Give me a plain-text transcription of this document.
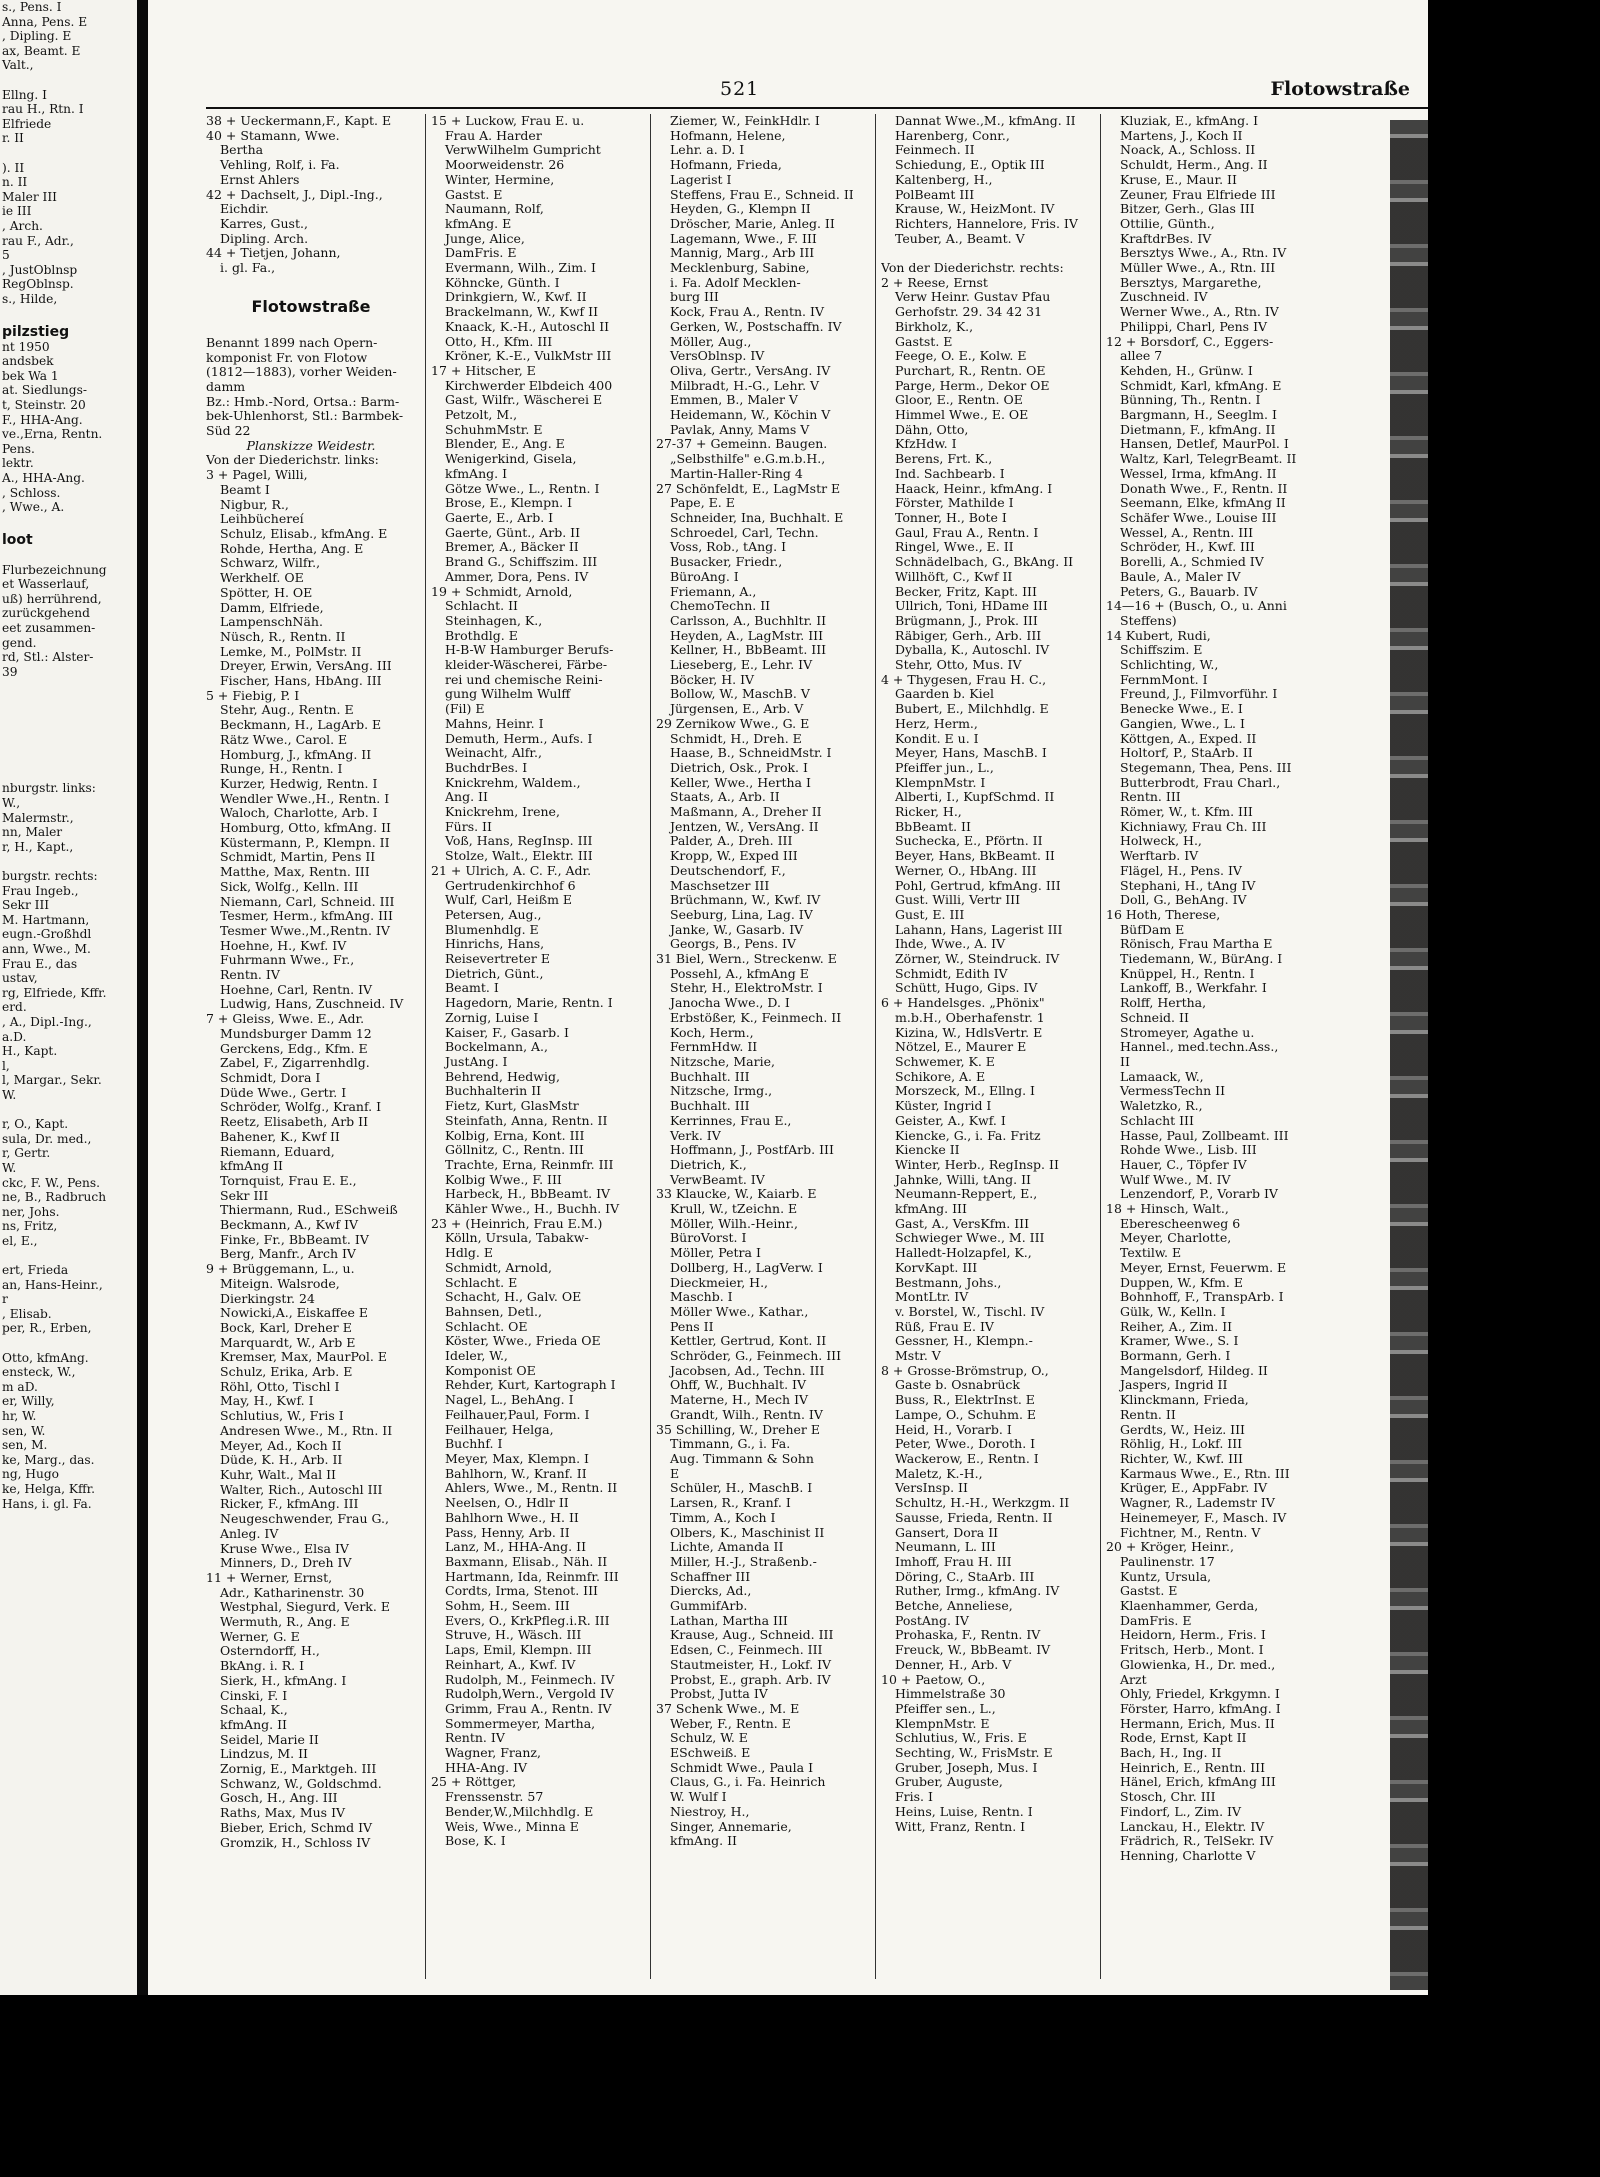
s., Pens. I
Anna, Pens. E
, Dipling. E
ax, Beamt. E
Valt.,

Ellng. I
rau H., Rtn. I
Elfriede
r. II

). II
n. II
Maler III
ie III
, Arch.
rau F., Adr.,
5
, JustOblnsp
RegOblnsp.
s., Hilde,

pilzstieg
nt 1950
andsbek
bek Wa 1
at. Siedlungs-
t, Steinstr. 20
F., HHA-Ang.
ve.,Erna, Rentn.
Pens.
lektr.
A., HHA-Ang.
, Schloss.
, Wwe., A.

loot

Flurbezeichnung
et Wasserlauf,
uß) herrührend,
zurückgehend
eet zusammen-
gend.
rd, Stl.: Alster-
39

nburgstr. links:
W.,
Malermstr.,
nn, Maler
r, H., Kapt.,

burgstr. rechts:
Frau Ingeb.,
Sekr III
M. Hartmann,
eugn.-Großhdl
ann, Wwe., M.
Frau E., das
ustav,
rg, Elfriede, Kffr.
erd.
, A., Dipl.-Ing.,
a.D.
H., Kapt.
l,
l, Margar., Sekr.
W.

r, O., Kapt.
sula, Dr. med.,
r, Gertr.
W.
ckc, F. W., Pens.
ne, B., Radbruch
ner, Johs.
ns, Fritz,
el, E.,

ert, Frieda
an, Hans-Heinr.,
r
, Elisab.
per, R., Erben,

Otto, kfmAng.
ensteck, W.,
m aD.
er, Willy,
hr, W.
sen, W.
sen, M.
ke, Marg., das.
ng, Hugo
ke, Helga, Kffr.
Hans, i. gl. Fa.
521	Flotowstraße
38 + Ueckermann,F., Kapt. E
40 + Stamann, Wwe.
Bertha
Vehling, Rolf, i. Fa.
Ernst Ahlers
42 + Dachselt, J., Dipl.-Ing.,
Eichdir.
Karres, Gust.,
Dipling. Arch.
44 + Tietjen, Johann,
i. gl. Fa.,

Flotowstraße

Benannt 1899 nach Opern-
komponist Fr. von Flotow
(1812—1883), vorher Weiden-
damm
Bz.: Hmb.-Nord, Ortsa.: Barm-
bek-Uhlenhorst, Stl.: Barmbek-
Süd 22
Planskizze Weidestr.
Von der Diederichstr. links:
3 + Pagel, Willi,
Beamt I
Nigbur, R.,
Leihbüchereí
Schulz, Elisab., kfmAng. E
Rohde, Hertha, Ang. E
Schwarz, Wilfr.,
Werkhelf. OE
Spötter, H. OE
Damm, Elfriede,
LampenschNäh.
Nüsch, R., Rentn. II
Lemke, M., PolMstr. II
Dreyer, Erwin, VersAng. III
Fischer, Hans, HbAng. III
5 + Fiebig, P. I
Stehr, Aug., Rentn. E
Beckmann, H., LagArb. E
Rätz Wwe., Carol. E
Homburg, J., kfmAng. II
Runge, H., Rentn. I
Kurzer, Hedwig, Rentn. I
Wendler Wwe.,H., Rentn. I
Waloch, Charlotte, Arb. I
Homburg, Otto, kfmAng. II
Küstermann, P., Klempn. II
Schmidt, Martin, Pens II
Matthe, Max, Rentn. III
Sick, Wolfg., Kelln. III
Niemann, Carl, Schneid. III
Tesmer, Herm., kfmAng. III
Tesmer Wwe.,M.,Rentn. IV
Hoehne, H., Kwf. IV
Fuhrmann Wwe., Fr.,
Rentn. IV
Hoehne, Carl, Rentn. IV
Ludwig, Hans, Zuschneid. IV
7 + Gleiss, Wwe. E., Adr.
Mundsburger Damm 12
Gerckens, Edg., Kfm. E
Zabel, F., Zigarrenhdlg.
Schmidt, Dora I
Düde Wwe., Gertr. I
Schröder, Wolfg., Kranf. I
Reetz, Elisabeth, Arb II
Bahener, K., Kwf II
Riemann, Eduard,
kfmAng II
Tornquist, Frau E. E.,
Sekr III
Thiermann, Rud., ESchweiß
Beckmann, A., Kwf IV
Finke, Fr., BbBeamt. IV
Berg, Manfr., Arch IV
9 + Brüggemann, L., u.
Miteign. Walsrode,
Dierkingstr. 24
Nowicki,A., Eiskaffee E
Bock, Karl, Dreher E
Marquardt, W., Arb E
Kremser, Max, MaurPol. E
Schulz, Erika, Arb. E
Röhl, Otto, Tischl I
May, H., Kwf. I
Schlutius, W., Fris I
Andresen Wwe., M., Rtn. II
Meyer, Ad., Koch II
Düde, K. H., Arb. II
Kuhr, Walt., Mal II
Walter, Rich., Autoschl III
Ricker, F., kfmAng. III
Neugeschwender, Frau G.,
Anleg. IV
Kruse Wwe., Elsa IV
Minners, D., Dreh IV
11 + Werner, Ernst,
Adr., Katharinenstr. 30
Westphal, Siegurd, Verk. E
Wermuth, R., Ang. E
Werner, G. E
Osterndorff, H.,
BkAng. i. R. I
Sierk, H., kfmAng. I
Cinski, F. I
Schaal, K.,
kfmAng. II
Seidel, Marie II
Lindzus, M. II
Zornig, E., Marktgeh. III
Schwanz, W., Goldschmd.
Gosch, H., Ang. III
Raths, Max, Mus IV
Bieber, Erich, Schmd IV
Gromzik, H., Schloss IV
15 + Luckow, Frau E. u.
Frau A. Harder
VerwWilhelm Gumpricht
Moorweidenstr. 26
Winter, Hermine,
Gastst. E
Naumann, Rolf,
kfmAng. E
Junge, Alice,
DamFris. E
Evermann, Wilh., Zim. I
Köhncke, Günth. I
Drinkgiern, W., Kwf. II
Brackelmann, W., Kwf II
Knaack, K.-H., Autoschl II
Otto, H., Kfm. III
Kröner, K.-E., VulkMstr III
17 + Hitscher, E
Kirchwerder Elbdeich 400
Gast, Wilfr., Wäscherei E
Petzolt, M.,
SchuhmMstr. E
Blender, E., Ang. E
Wenigerkind, Gisela,
kfmAng. I
Götze Wwe., L., Rentn. I
Brose, E., Klempn. I
Gaerte, E., Arb. I
Gaerte, Günt., Arb. II
Bremer, A., Bäcker II
Brand G., Schiffszim. III
Ammer, Dora, Pens. IV
19 + Schmidt, Arnold,
Schlacht. II
Steinhagen, K.,
Brothdlg. E
H-B-W Hamburger Berufs-
kleider-Wäscherei, Färbe-
rei und chemische Reini-
gung Wilhelm Wulff
(Fil) E
Mahns, Heinr. I
Demuth, Herm., Aufs. I
Weinacht, Alfr.,
BuchdrBes. I
Knickrehm, Waldem.,
Ang. II
Knickrehm, Irene,
Fürs. II
Voß, Hans, RegInsp. III
Stolze, Walt., Elektr. III
21 + Ulrich, A. C. F., Adr.
Gertrudenkirchhof 6
Wulf, Carl, Heißm E
Petersen, Aug.,
Blumenhdlg. E
Hinrichs, Hans,
Reisevertreter E
Dietrich, Günt.,
Beamt. I
Hagedorn, Marie, Rentn. I
Zornig, Luise I
Kaiser, F., Gasarb. I
Bockelmann, A.,
JustAng. I
Behrend, Hedwig,
Buchhalterin II
Fietz, Kurt, GlasMstr
Steinfath, Anna, Rentn. II
Kolbig, Erna, Kont. III
Göllnitz, C., Rentn. III
Trachte, Erna, Reinmfr. III
Kolbig Wwe., F. III
Harbeck, H., BbBeamt. IV
Kähler Wwe., H., Buchh. IV
23 + (Heinrich, Frau E.M.)
Kölln, Ursula, Tabakw-
Hdlg. E
Schmidt, Arnold,
Schlacht. E
Schacht, H., Galv. OE
Bahnsen, Detl.,
Schlacht. OE
Köster, Wwe., Frieda OE
Ideler, W.,
Komponist OE
Rehder, Kurt, Kartograph I
Nagel, L., BehAng. I
Feilhauer,Paul, Form. I
Feilhauer, Helga,
Buchhf. I
Meyer, Max, Klempn. I
Bahlhorn, W., Kranf. II
Ahlers, Wwe., M., Rentn. II
Neelsen, O., Hdlr II
Bahlhorn Wwe., H. II
Pass, Henny, Arb. II
Lanz, M., HHA-Ang. II
Baxmann, Elisab., Näh. II
Hartmann, Ida, Reinmfr. III
Cordts, Irma, Stenot. III
Sohm, H., Seem. III
Evers, O., KrkPfleg.i.R. III
Struve, H., Wäsch. III
Laps, Emil, Klempn. III
Reinhart, A., Kwf. IV
Rudolph, M., Feinmech. IV
Rudolph,Wern., Vergold IV
Grimm, Frau A., Rentn. IV
Sommermeyer, Martha,
Rentn. IV
Wagner, Franz,
HHA-Ang. IV
25 + Röttger,
Frenssenstr. 57
Bender,W.,Milchhdlg. E
Weis, Wwe., Minna E
Bose, K. I
Ziemer, W., FeinkHdlr. I
Hofmann, Helene,
Lehr. a. D. I
Hofmann, Frieda,
Lagerist I
Steffens, Frau E., Schneid. II
Heyden, G., Klempn II
Dröscher, Marie, Anleg. II
Lagemann, Wwe., F. III
Mannig, Marg., Arb III
Mecklenburg, Sabine,
i. Fa. Adolf Mecklen-
burg III
Kock, Frau A., Rentn. IV
Gerken, W., Postschaffn. IV
Möller, Aug.,
VersOblnsp. IV
Oliva, Gertr., VersAng. IV
Milbradt, H.-G., Lehr. V
Emmen, B., Maler V
Heidemann, W., Köchin V
Pavlak, Anny, Mams V
27-37 + Gemeinn. Baugen.
„Selbsthilfe" e.G.m.b.H.,
Martin-Haller-Ring 4
27 Schönfeldt, E., LagMstr E
Pape, E. E
Schneider, Ina, Buchhalt. E
Schroedel, Carl, Techn.
Voss, Rob., tAng. I
Busacker, Friedr.,
BüroAng. I
Friemann, A.,
ChemoTechn. II
Carlsson, A., Buchhltr. II
Heyden, A., LagMstr. III
Kellner, H., BbBeamt. III
Lieseberg, E., Lehr. IV
Böcker, H. IV
Bollow, W., MaschB. V
Jürgensen, E., Arb. V
29 Zernikow Wwe., G. E
Schmidt, H., Dreh. E
Haase, B., SchneidMstr. I
Dietrich, Osk., Prok. I
Keller, Wwe., Hertha I
Staats, A., Arb. II
Maßmann, A., Dreher II
Jentzen, W., VersAng. II
Palder, A., Dreh. III
Kropp, W., Exped III
Deutschendorf, F.,
Maschsetzer III
Brüchmann, W., Kwf. IV
Seeburg, Lina, Lag. IV
Janke, W., Gasarb. IV
Georgs, B., Pens. IV
31 Biel, Wern., Streckenw. E
Possehl, A., kfmAng E
Stehr, H., ElektroMstr. I
Janocha Wwe., D. I
Erbstößer, K., Feinmech. II
Koch, Herm.,
FernmHdw. II
Nitzsche, Marie,
Buchhalt. III
Nitzsche, Irmg.,
Buchhalt. III
Kerrinnes, Frau E.,
Verk. IV
Hoffmann, J., PostfArb. III
Dietrich, K.,
VerwBeamt. IV
33 Klaucke, W., Kaiarb. E
Krull, W., tZeichn. E
Möller, Wilh.-Heinr.,
BüroVorst. I
Möller, Petra I
Dollberg, H., LagVerw. I
Dieckmeier, H.,
Maschb. I
Möller Wwe., Kathar.,
Pens II
Kettler, Gertrud, Kont. II
Schröder, G., Feinmech. III
Jacobsen, Ad., Techn. III
Ohff, W., Buchhalt. IV
Materne, H., Mech IV
Grandt, Wilh., Rentn. IV
35 Schilling, W., Dreher E
Timmann, G., i. Fa.
Aug. Timmann & Sohn
E
Schüler, H., MaschB. I
Larsen, R., Kranf. I
Timm, A., Koch I
Olbers, K., Maschinist II
Lichte, Amanda II
Miller, H.-J., Straßenb.-
Schaffner III
Diercks, Ad.,
GummifArb.
Lathan, Martha III
Krause, Aug., Schneid. III
Edsen, C., Feinmech. III
Stautmeister, H., Lokf. IV
Probst, E., graph. Arb. IV
Probst, Jutta IV
37 Schenk Wwe., M. E
Weber, F., Rentn. E
Schulz, W. E
ESchweiß. E
Schmidt Wwe., Paula I
Claus, G., i. Fa. Heinrich
W. Wulf I
Niestroy, H.,
Singer, Annemarie,
kfmAng. II
Dannat Wwe.,M., kfmAng. II
Harenberg, Conr.,
Feinmech. II
Schiedung, E., Optik III
Kaltenberg, H.,
PolBeamt III
Krause, W., HeizMont. IV
Richters, Hannelore, Fris. IV
Teuber, A., Beamt. V

Von der Diederichstr. rechts:
2 + Reese, Ernst
Verw Heinr. Gustav Pfau
Gerhofstr. 29. 34 42 31
Birkholz, K.,
Gastst. E
Feege, O. E., Kolw. E
Purchart, R., Rentn. OE
Parge, Herm., Dekor OE
Gloor, E., Rentn. OE
Himmel Wwe., E. OE
Dähn, Otto,
KfzHdw. I
Berens, Frt. K.,
Ind. Sachbearb. I
Haack, Heinr., kfmAng. I
Förster, Mathilde I
Tonner, H., Bote I
Gaul, Frau A., Rentn. I
Ringel, Wwe., E. II
Schnädelbach, G., BkAng. II
Willhöft, C., Kwf II
Becker, Fritz, Kapt. III
Ullrich, Toni, HDame III
Brügmann, J., Prok. III
Räbiger, Gerh., Arb. III
Dyballa, K., Autoschl. IV
Stehr, Otto, Mus. IV
4 + Thygesen, Frau H. C.,
Gaarden b. Kiel
Bubert, E., Milchhdlg. E
Herz, Herm.,
Kondit. E u. I
Meyer, Hans, MaschB. I
Pfeiffer jun., L.,
KlempnMstr. I
Alberti, I., KupfSchmd. II
Ricker, H.,
BbBeamt. II
Suchecka, E., Pförtn. II
Beyer, Hans, BkBeamt. II
Werner, O., HbAng. III
Pohl, Gertrud, kfmAng. III
Gust. Willi, Vertr III
Gust, E. III
Lahann, Hans, Lagerist III
Ihde, Wwe., A. IV
Zörner, W., Steindruck. IV
Schmidt, Edith IV
Schütt, Hugo, Gips. IV
6 + Handelsges. „Phönix"
m.b.H., Oberhafenstr. 1
Kizina, W., HdlsVertr. E
Nötzel, E., Maurer E
Schwemer, K. E
Schikore, A. E
Morszeck, M., Ellng. I
Küster, Ingrid I
Geister, A., Kwf. I
Kiencke, G., i. Fa. Fritz
Kiencke II
Winter, Herb., RegInsp. II
Jahnke, Willi, tAng. II
Neumann-Reppert, E.,
kfmAng. III
Gast, A., VersKfm. III
Schwieger Wwe., M. III
Halledt-Holzapfel, K.,
KorvKapt. III
Bestmann, Johs.,
MontLtr. IV
v. Borstel, W., Tischl. IV
Rüß, Frau E. IV
Gessner, H., Klempn.-
Mstr. V
8 + Grosse-Brömstrup, O.,
Gaste b. Osnabrück
Buss, R., ElektrInst. E
Lampe, O., Schuhm. E
Heid, H., Vorarb. I
Peter, Wwe., Doroth. I
Wackerow, E., Rentn. I
Maletz, K.-H.,
VersInsp. II
Schultz, H.-H., Werkzgm. II
Sausse, Frieda, Rentn. II
Gansert, Dora II
Neumann, L. III
Imhoff, Frau H. III
Döring, C., StaArb. III
Ruther, Irmg., kfmAng. IV
Betche, Anneliese,
PostAng. IV
Prohaska, F., Rentn. IV
Freuck, W., BbBeamt. IV
Denner, H., Arb. V
10 + Paetow, O.,
Himmelstraße 30
Pfeiffer sen., L.,
KlempnMstr. E
Schlutius, W., Fris. E
Sechting, W., FrisMstr. E
Gruber, Joseph, Mus. I
Gruber, Auguste,
Fris. I
Heins, Luise, Rentn. I
Witt, Franz, Rentn. I
Kluziak, E., kfmAng. I
Martens, J., Koch II
Noack, A., Schloss. II
Schuldt, Herm., Ang. II
Kruse, E., Maur. II
Zeuner, Frau Elfriede III
Bitzer, Gerh., Glas III
Ottilie, Günth.,
KraftdrBes. IV
Bersztys Wwe., A., Rtn. IV
Müller Wwe., A., Rtn. III
Bersztys, Margarethe,
Zuschneid. IV
Werner Wwe., A., Rtn. IV
Philippi, Charl, Pens IV
12 + Borsdorf, C., Eggers-
allee 7
Kehden, H., Grünw. I
Schmidt, Karl, kfmAng. E
Bünning, Th., Rentn. I
Bargmann, H., Seeglm. I
Dietmann, F., kfmAng. II
Hansen, Detlef, MaurPol. I
Waltz, Karl, TelegrBeamt. II
Wessel, Irma, kfmAng. II
Donath Wwe., F., Rentn. II
Seemann, Elke, kfmAng II
Schäfer Wwe., Louise III
Wessel, A., Rentn. III
Schröder, H., Kwf. III
Borelli, A., Schmied IV
Baule, A., Maler IV
Peters, G., Bauarb. IV
14—16 + (Busch, O., u. Anni
Steffens)
14 Kubert, Rudi,
Schiffszim. E
Schlichting, W.,
FernmMont. I
Freund, J., Filmvorführ. I
Benecke Wwe., E. I
Gangien, Wwe., L. I
Köttgen, A., Exped. II
Holtorf, P., StaArb. II
Stegemann, Thea, Pens. III
Butterbrodt, Frau Charl.,
Rentn. III
Römer, W., t. Kfm. III
Kichniawy, Frau Ch. III
Holweck, H.,
Werftarb. IV
Flägel, H., Pens. IV
Stephani, H., tAng IV
Doll, G., BehAng. IV
16 Hoth, Therese,
BüfDam E
Rönisch, Frau Martha E
Tiedemann, W., BürAng. I
Knüppel, H., Rentn. I
Lankoff, B., Werkfahr. I
Rolff, Hertha,
Schneid. II
Stromeyer, Agathe u.
Hannel., med.techn.Ass.,
II
Lamaack, W.,
VermessTechn II
Waletzko, R.,
Schlacht III
Hasse, Paul, Zollbeamt. III
Rohde Wwe., Lisb. III
Hauer, C., Töpfer IV
Wulf Wwe., M. IV
Lenzendorf, P., Vorarb IV
18 + Hinsch, Walt.,
Eberescheenweg 6
Meyer, Charlotte,
Textilw. E
Meyer, Ernst, Feuerwm. E
Duppen, W., Kfm. E
Bohnhoff, F., TranspArb. I
Gülk, W., Kelln. I
Reiher, A., Zim. II
Kramer, Wwe., S. I
Bormann, Gerh. I
Mangelsdorf, Hildeg. II
Jaspers, Ingrid II
Klinckmann, Frieda,
Rentn. II
Gerdts, W., Heiz. III
Röhlig, H., Lokf. III
Richter, W., Kwf. III
Karmaus Wwe., E., Rtn. III
Krüger, E., AppFabr. IV
Wagner, R., Lademstr IV
Heinemeyer, F., Masch. IV
Fichtner, M., Rentn. V
20 + Kröger, Heinr.,
Paulinenstr. 17
Kuntz, Ursula,
Gastst. E
Klaenhammer, Gerda,
DamFris. E
Heidorn, Herm., Fris. I
Fritsch, Herb., Mont. I
Glowienka, H., Dr. med.,
Arzt
Ohly, Friedel, Krkgymn. I
Förster, Harro, kfmAng. I
Hermann, Erich, Mus. II
Rode, Ernst, Kapt II
Bach, H., Ing. II
Heinrich, E., Rentn. III
Hänel, Erich, kfmAng III
Stosch, Chr. III
Findorf, L., Zim. IV
Lanckau, H., Elektr. IV
Frädrich, R., TelSekr. IV
Henning, Charlotte V
